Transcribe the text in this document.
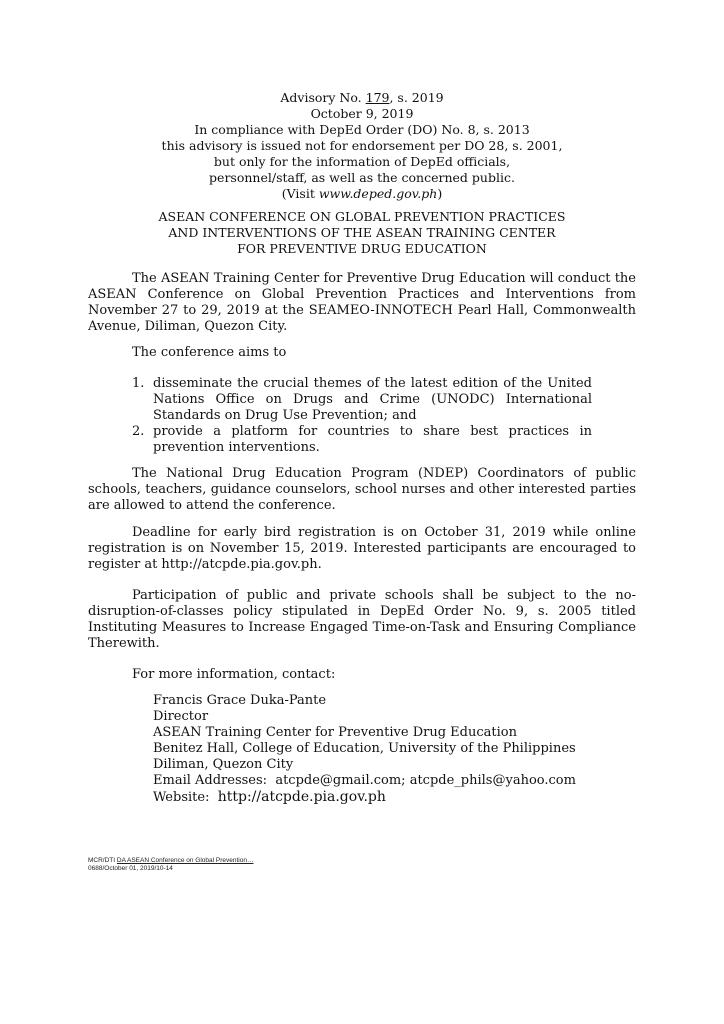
Advisory No. 179, s. 2019
October 9, 2019
In compliance with DepEd Order (DO) No. 8, s. 2013
this advisory is issued not for endorsement per DO 28, s. 2001,
but only for the information of DepEd officials,
personnel/staff, as well as the concerned public.
(Visit www.deped.gov.ph)
ASEAN CONFERENCE ON GLOBAL PREVENTION PRACTICES
AND INTERVENTIONS OF THE ASEAN TRAINING CENTER
FOR PREVENTIVE DRUG EDUCATION

The ASEAN Training Center for Preventive Drug Education will conduct the ASEAN Conference on Global Prevention Practices and Interventions from November 27 to 29, 2019 at the SEAMEO-INNOTECH Pearl Hall, Commonwealth Avenue, Diliman, Quezon City.

The conference aims to
1. disseminate the crucial themes of the latest edition of the United Nations Office on Drugs and Crime (UNODC) International Standards on Drug Use Prevention; and
2. provide a platform for countries to share best practices in prevention interventions.

The National Drug Education Program (NDEP) Coordinators of public schools, teachers, guidance counselors, school nurses and other interested parties are allowed to attend the conference.

Deadline for early bird registration is on October 31, 2019 while online registration is on November 15, 2019. Interested participants are encouraged to register at http://atcpde.pia.gov.ph.

Participation of public and private schools shall be subject to the no-disruption-of-classes policy stipulated in DepEd Order No. 9, s. 2005 titled Instituting Measures to Increase Engaged Time-on-Task and Ensuring Compliance Therewith.

For more information, contact:
Francis Grace Duka-Pante
Director
ASEAN Training Center for Preventive Drug Education
Benitez Hall, College of Education, University of the Philippines
Diliman, Quezon City
Email Addresses:  atcpde@gmail.com; atcpde_phils@yahoo.com
Website:  http://atcpde.pia.gov.ph
MCR/DTI DA ASEAN Conference on Global Prevention…
0688/October 01, 2019/10-14
